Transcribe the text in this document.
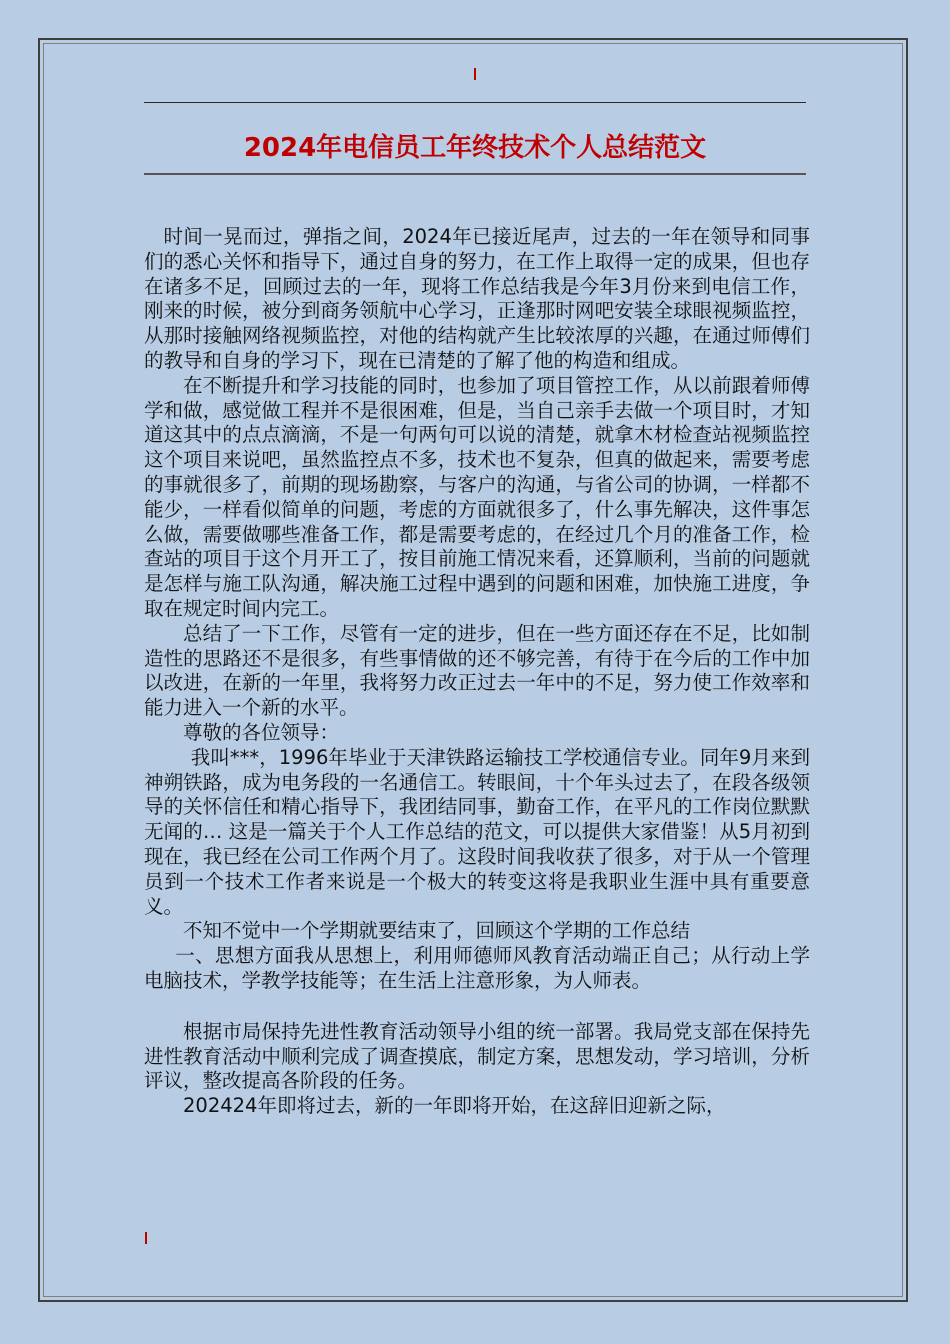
2024年电信员工年终技术个人总结范文

时间一晃而过，弹指之间，2024年已接近尾声，过去的一年在领导和同事们的悉心关怀和指导下，通过自身的努力，在工作上取得一定的成果，但也存在诸多不足，回顾过去的一年，现将工作总结我是今年3月份来到电信工作，刚来的时候，被分到商务领航中心学习，正逢那时网吧安装全球眼视频监控，从那时接触网络视频监控，对他的结构就产生比较浓厚的兴趣，在通过师傅们的教导和自身的学习下，现在已清楚的了解了他的构造和组成。

在不断提升和学习技能的同时，也参加了项目管控工作，从以前跟着师傅学和做，感觉做工程并不是很困难，但是，当自己亲手去做一个项目时，才知道这其中的点点滴滴，不是一句两句可以说的清楚，就拿木材检查站视频监控这个项目来说吧，虽然监控点不多，技术也不复杂，但真的做起来，需要考虑的事就很多了，前期的现场勘察，与客户的沟通，与省公司的协调，一样都不能少，一样看似简单的问题，考虑的方面就很多了，什么事先解决，这件事怎么做，需要做哪些准备工作，都是需要考虑的，在经过几个月的准备工作，检查站的项目于这个月开工了，按目前施工情况来看，还算顺利，当前的问题就是怎样与施工队沟通，解决施工过程中遇到的问题和困难，加快施工进度，争取在规定时间内完工。

总结了一下工作，尽管有一定的进步，但在一些方面还存在不足，比如制造性的思路还不是很多，有些事情做的还不够完善，有待于在今后的工作中加以改进，在新的一年里，我将努力改正过去一年中的不足，努力使工作效率和能力进入一个新的水平。

尊敬的各位领导：

我叫***，1996年毕业于天津铁路运输技工学校通信专业。同年9月来到神朔铁路，成为电务段的一名通信工。转眼间，十个年头过去了，在段各级领导的关怀信任和精心指导下，我团结同事，勤奋工作，在平凡的工作岗位默默无闻的… 这是一篇关于个人工作总结的范文，可以提供大家借鉴！从5月初到现在，我已经在公司工作两个月了。这段时间我收获了很多，对于从一个管理员到一个技术工作者来说是一个极大的转变这将是我职业生涯中具有重要意义。

不知不觉中一个学期就要结束了，回顾这个学期的工作总结

一、思想方面我从思想上，利用师德师风教育活动端正自己；从行动上学电脑技术，学教学技能等；在生活上注意形象，为人师表。

根据市局保持先进性教育活动领导小组的统一部署。我局党支部在保持先进性教育活动中顺利完成了调查摸底，制定方案，思想发动，学习培训，分析评议，整改提高各阶段的任务。

202424年即将过去，新的一年即将开始，在这辞旧迎新之际，
